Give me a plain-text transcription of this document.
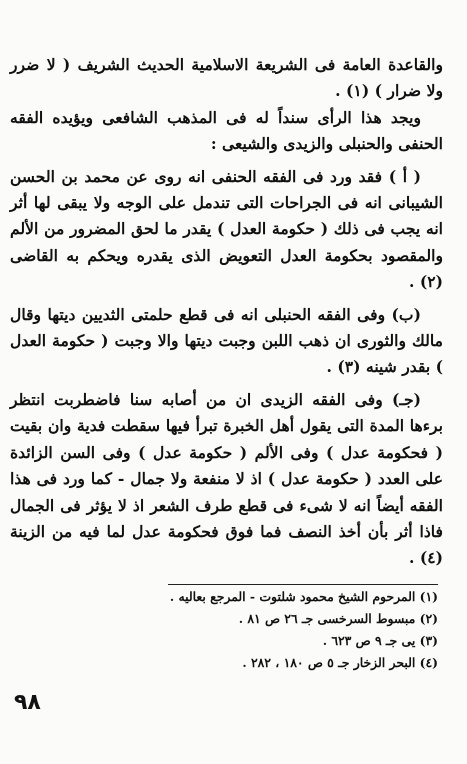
والقاعدة العامة فى الشريعة الاسلامية الحديث الشريف ( لا ضرر ولا ضرار ) (١) .

ويجد هذا الرأى سنداً له فى المذهب الشافعى ويؤيده الفقه الحنفى والحنبلى والزيدى والشيعى :

( أ ) فقد ورد فى الفقه الحنفى انه روى عن محمد بن الحسن الشيبانى انه فى الجراحات التى تندمل على الوجه ولا يبقى لها أثر انه يجب فى ذلك ( حكومة العدل ) يقدر ما لحق المضرور من الألم والمقصود بحكومة العدل التعويض الذى يقدره ويحكم به القاضى (٢) .

(ب) وفى الفقه الحنبلى انه فى قطع حلمتى الثديين ديتها وقال مالك والثورى ان ذهب اللبن وجبت ديتها والا وجبت ( حكومة العدل ) بقدر شينه (٣) .

(جـ) وفى الفقه الزيدى ان من أصابه سنا فاضطربت انتظر برءها المدة التى يقول أهل الخبرة تبرأ فيها سقطت فدية وان بقيت ( فحكومة عدل ) وفى الألم ( حكومة عدل ) وفى السن الزائدة على العدد ( حكومة عدل ) اذ لا منفعة ولا جمال - كما ورد فى هذا الفقه أيضاً انه لا شىء فى قطع طرف الشعر اذ لا يؤثر فى الجمال فاذا أثر بأن أخذ النصف فما فوق فحكومة عدل لما فيه من الزينة (٤) .

(١) المرحوم الشيخ محمود شلتوت - المرجع بعاليه .

(٢) مبسوط السرخسى جـ ٢٦ ص ٨١ .

(٣) يى جـ ٩ ص ٦٢٣ .

(٤) البحر الزخار جـ ٥ ص ١٨٠ ، ٢٨٢ .

٩٨
